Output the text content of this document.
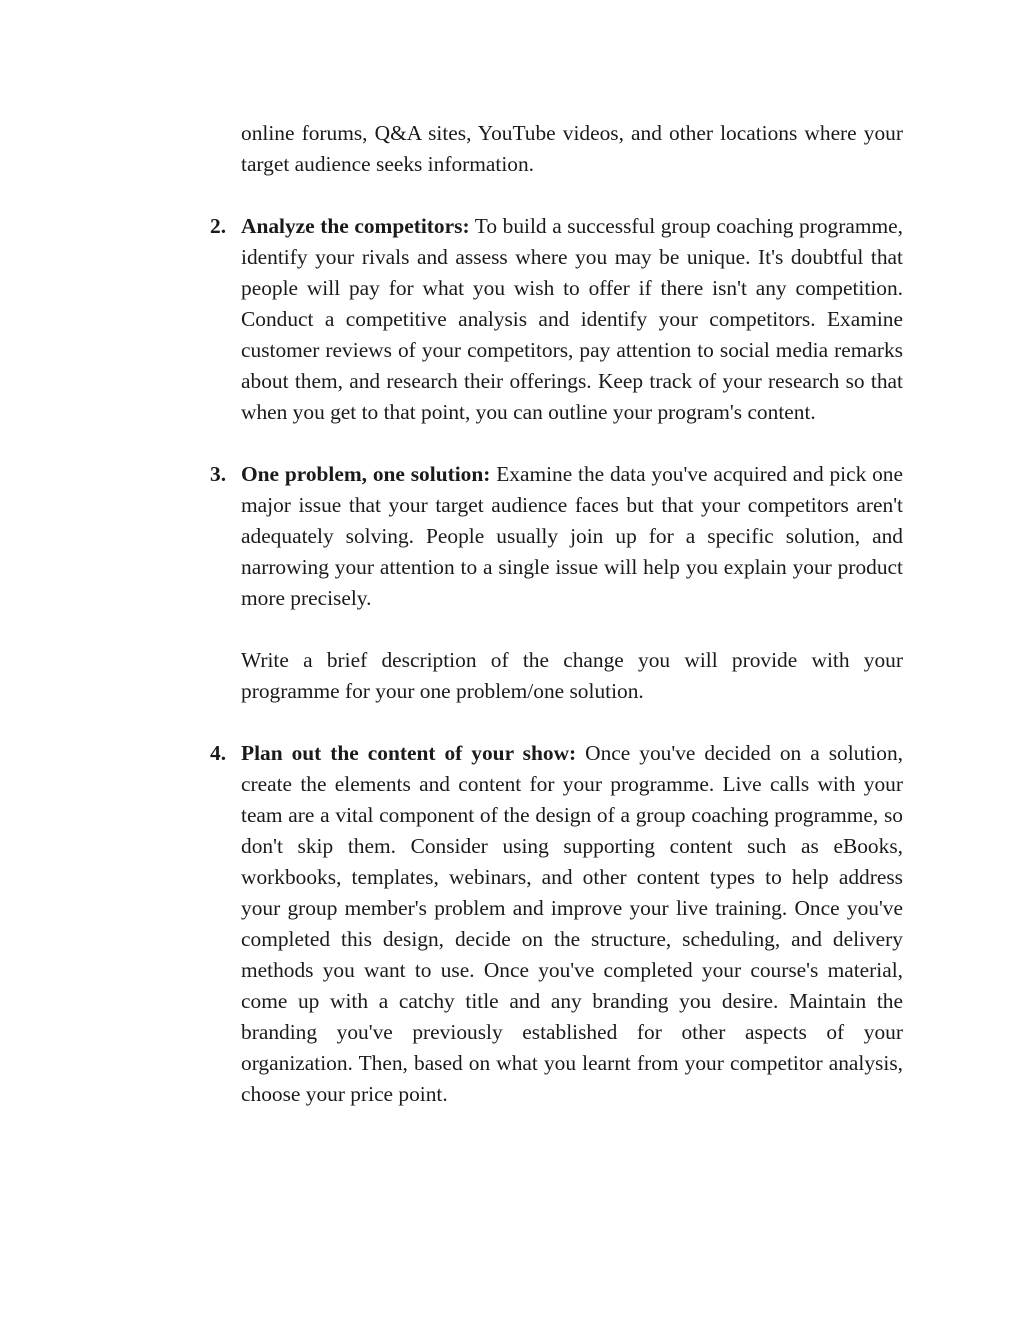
online forums, Q&A sites, YouTube videos, and other locations where your target audience seeks information.

2. Analyze the competitors: To build a successful group coaching programme, identify your rivals and assess where you may be unique. It's doubtful that people will pay for what you wish to offer if there isn't any competition. Conduct a competitive analysis and identify your competitors. Examine customer reviews of your competitors, pay attention to social media remarks about them, and research their offerings. Keep track of your research so that when you get to that point, you can outline your program's content.

3. One problem, one solution: Examine the data you've acquired and pick one major issue that your target audience faces but that your competitors aren't adequately solving. People usually join up for a specific solution, and narrowing your attention to a single issue will help you explain your product more precisely.

Write a brief description of the change you will provide with your programme for your one problem/one solution.

4. Plan out the content of your show: Once you've decided on a solution, create the elements and content for your programme. Live calls with your team are a vital component of the design of a group coaching programme, so don't skip them. Consider using supporting content such as eBooks, workbooks, templates, webinars, and other content types to help address your group member's problem and improve your live training. Once you've completed this design, decide on the structure, scheduling, and delivery methods you want to use. Once you've completed your course's material, come up with a catchy title and any branding you desire. Maintain the branding you've previously established for other aspects of your organization. Then, based on what you learnt from your competitor analysis, choose your price point.
